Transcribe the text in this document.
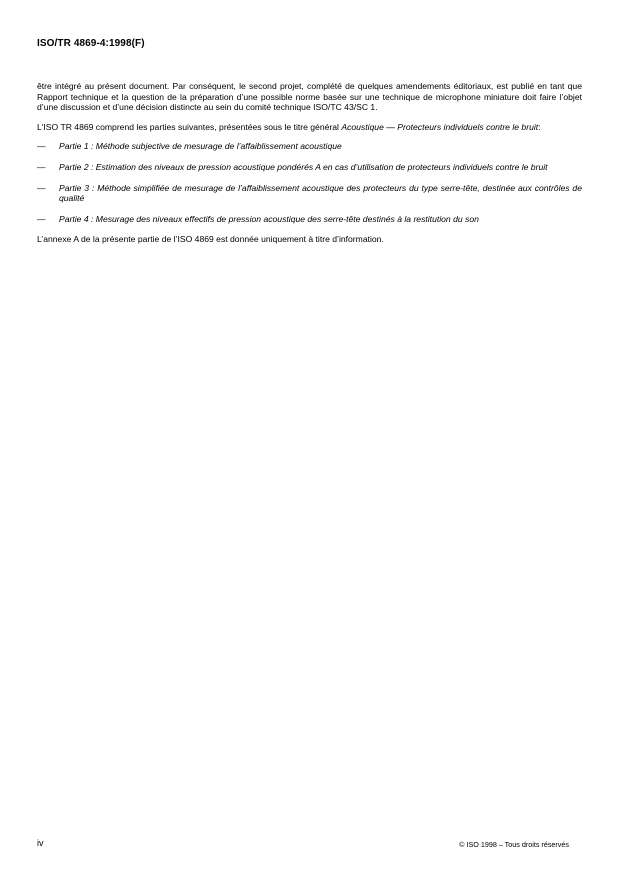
ISO/TR 4869-4:1998(F)

être intégré au présent document. Par conséquent, le second projet, complété de quelques amendements éditoriaux, est publié en tant que Rapport technique et la question de la préparation d’une possible norme basée sur une technique de microphone miniature doit faire l’objet d’une discussion et d’une décision distincte au sein du comité technique ISO/TC 43/SC 1.

L'ISO TR 4869 comprend les parties suivantes, présentées sous le titre général Acoustique — Protecteurs individuels contre le bruit:

— Partie 1 : Méthode subjective de mesurage de l’affaiblissement acoustique
— Partie 2 : Estimation des niveaux de pression acoustique pondérés A en cas d’utilisation de protecteurs individuels contre le bruit
— Partie 3 : Méthode simplifiée de mesurage de l’affaiblissement acoustique des protecteurs du type serre-tête, destinée aux contrôles de qualité
— Partie 4 : Mesurage des niveaux effectifs de pression acoustique des serre-tête destinés à la restitution du son

L’annexe A de la présente partie de l’ISO 4869 est donnée uniquement à titre d’information.

iv	© ISO 1998 – Tous droits réservés
